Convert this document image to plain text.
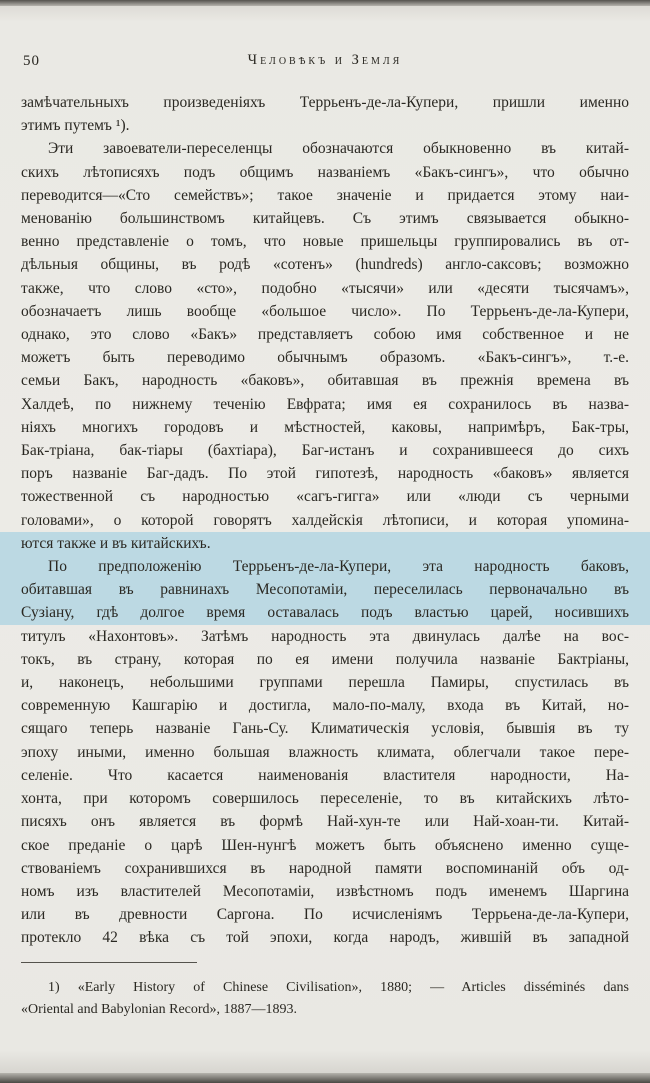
50	Человѣкъ и Земля
замѣчательныхъ произведеніяхъ Террьенъ-де-ла-Купери, пришли именно
этимъ путемъ ¹).
Эти завоеватели-переселенцы обозначаются обыкновенно въ китай-
скихъ лѣтописяхъ подъ общимъ названіемъ «Бакъ-сингъ», что обычно
переводится—«Сто семействъ»; такое значеніе и придается этому наи-
менованію большинствомъ китайцевъ. Съ этимъ связывается обыкно-
венно представленіе о томъ, что новые пришельцы группировались въ от-
дѣльныя общины, въ родѣ «сотенъ» (hundreds) англо-саксовъ; возможно
также, что слово «сто», подобно «тысячи» или «десяти тысячамъ»,
обозначаетъ лишь вообще «большое число». По Террьенъ-де-ла-Купери,
однако, это слово «Бакъ» представляетъ собою имя собственное и не
можетъ быть переводимо обычнымъ образомъ. «Бакъ-сингъ», т.-е.
семьи Бакъ, народность «баковъ», обитавшая въ прежнія времена въ
Халдеѣ, по нижнему теченію Евфрата; имя ея сохранилось въ назва-
ніяхъ многихъ городовъ и мѣстностей, каковы, напримѣръ, Бак-тры,
Бак-тріана, бак-тіары (бахтіара), Баг-истанъ и сохранившееся до сихъ
поръ названіе Баг-дадъ. По этой гипотезѣ, народность «баковъ» является
тожественной съ народностью «сагъ-гигга» или «люди съ черными
головами», о которой говорятъ халдейскія лѣтописи, и которая упомина-
ются также и въ китайскихъ.
По предположенію Террьенъ-де-ла-Купери, эта народность баковъ,
обитавшая въ равнинахъ Месопотаміи, переселилась первоначально въ
Сузіану, гдѣ долгое время оставалась подъ властью царей, носившихъ
титулъ «Нахонтовъ». Затѣмъ народность эта двинулась далѣе на вос-
токъ, въ страну, которая по ея имени получила названіе Бактріаны,
и, наконецъ, небольшими группами перешла Памиры, спустилась въ
современную Кашгарію и достигла, мало-по-малу, входа въ Китай, но-
сящаго теперь названіе Гань-Су. Климатическія условія, бывшія въ ту
эпоху иными, именно большая влажность климата, облегчали такое пере-
селеніе. Что касается наименованія властителя народности, На-
хонта, при которомъ совершилось переселеніе, то въ китайскихъ лѣто-
писяхъ онъ является въ формѣ Най-хун-те или Най-хоан-ти. Китай-
ское преданіе о царѣ Шен-нунгѣ можетъ быть объяснено именно суще-
ствованіемъ сохранившихся въ народной памяти воспоминаній объ од-
номъ изъ властителей Месопотаміи, извѣстномъ подъ именемъ Шаргина
или въ древности Саргона. По исчисленіямъ Террьена-де-ла-Купери,
протекло 42 вѣка съ той эпохи, когда народъ, жившій въ западной
1) «Early History of Chinese Civilisation», 1880; — Articles disséminés dans
«Oriental and Babylonian Record», 1887—1893.
